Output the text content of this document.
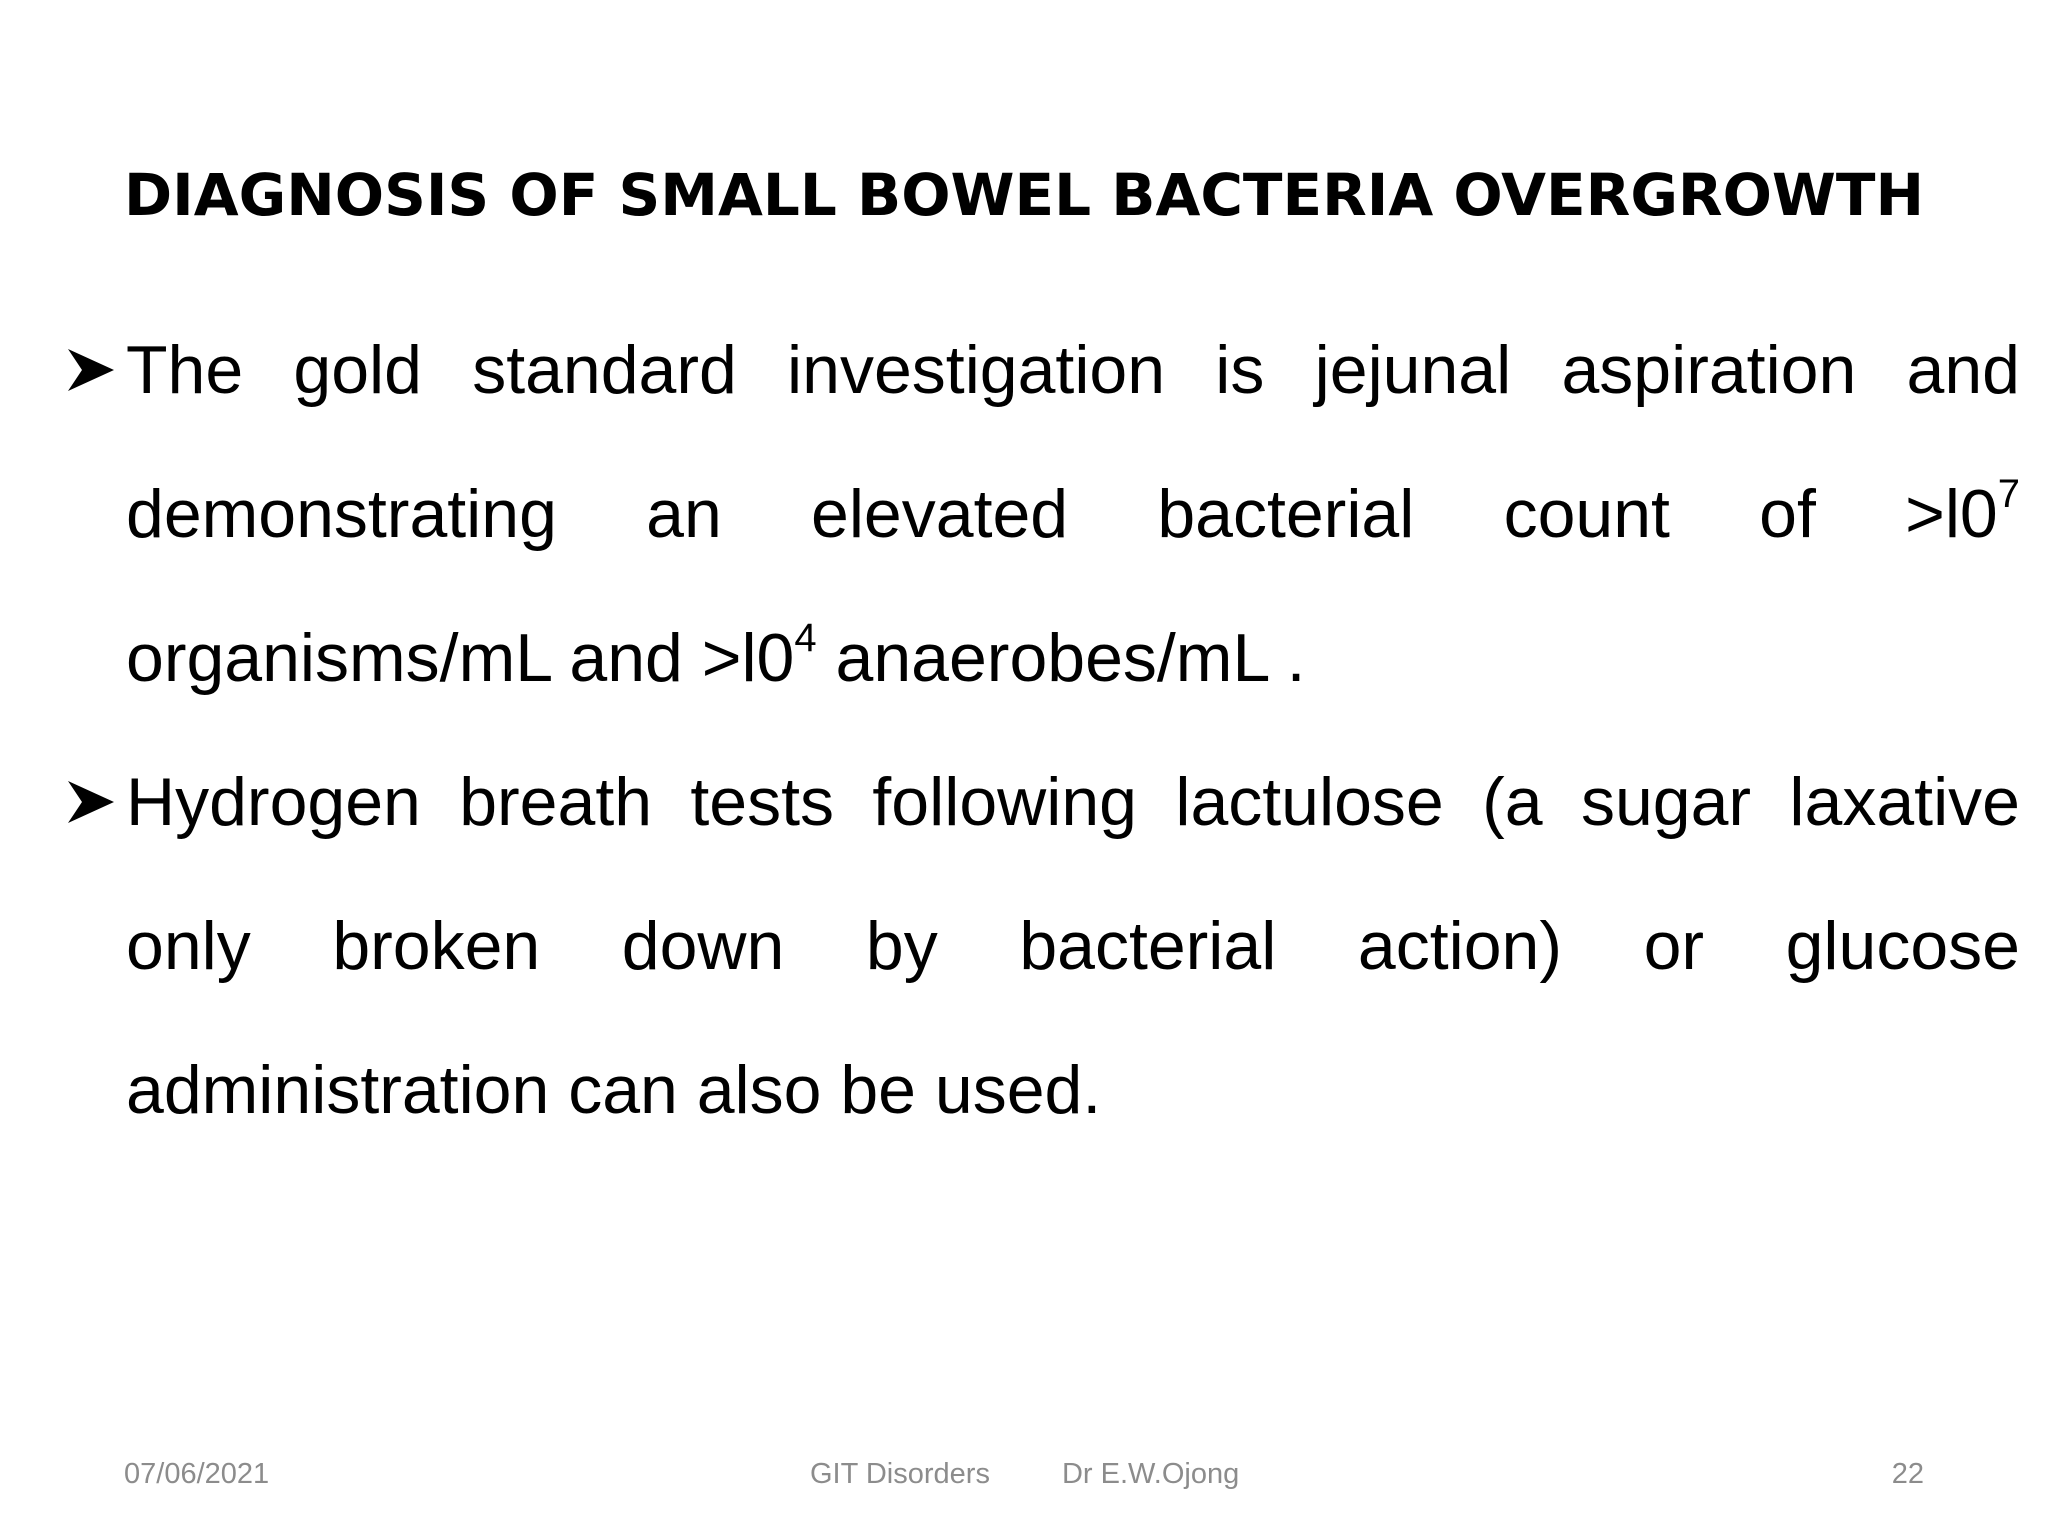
DIAGNOSIS OF SMALL BOWEL BACTERIA OVERGROWTH
The gold standard investigation is jejunal aspiration and
demonstrating an elevated bacterial count of $>l0^7$
organisms/mL and $>l0^4$ anaerobes/mL .
Hydrogen breath tests following lactulose (a sugar laxative
only broken down by bacterial action) or glucose
administration can also be used.
07/06/2021	GIT Disorders Dr E.W.Ojong	22
